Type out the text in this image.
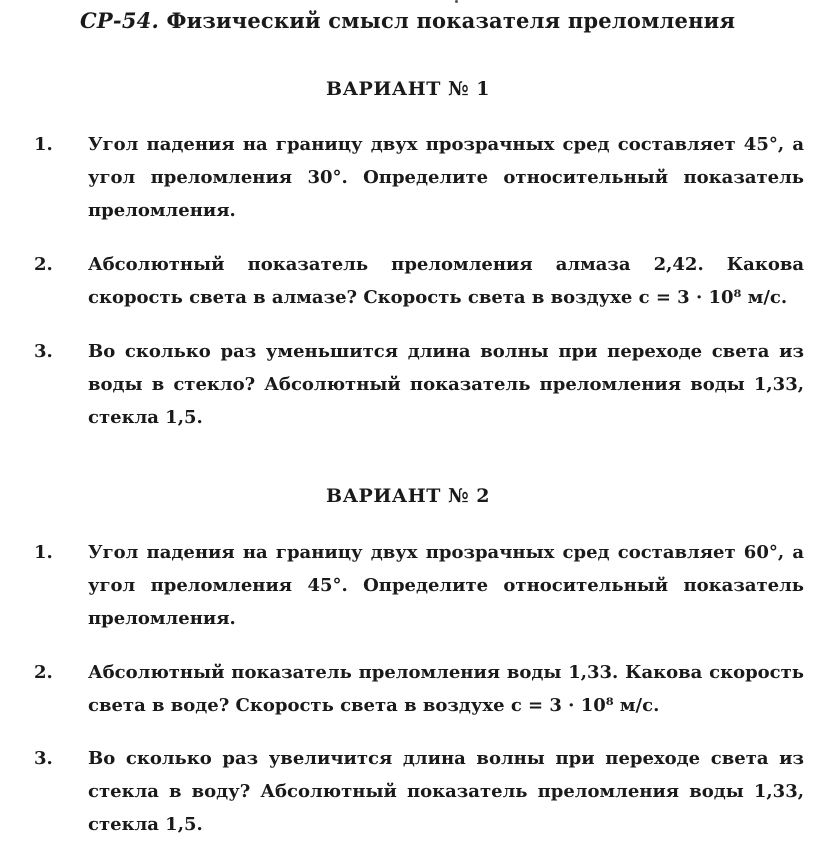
СР-54. Физический смысл показателя преломления
ВАРИАНТ № 1
1.	Угол падения на границу двух прозрачных сред составляет 45°, а угол преломления 30°. Определите относительный показатель преломления.
2.	Абсолютный показатель преломления алмаза 2,42. Какова скорость света в алмазе? Скорость света в воздухе c = 3 · 10⁸ м/с.
3.	Во сколько раз уменьшится длина волны при переходе света из воды в стекло? Абсолютный показатель преломления воды 1,33, стекла 1,5.
ВАРИАНТ № 2
1.	Угол падения на границу двух прозрачных сред составляет 60°, а угол преломления 45°. Определите относительный показатель преломления.
2.	Абсолютный показатель преломления воды 1,33. Какова скорость света в воде? Скорость света в воздухе c = 3 · 10⁸ м/с.
3.	Во сколько раз увеличится длина волны при переходе света из стекла в воду? Абсолютный показатель преломления воды 1,33, стекла 1,5.
